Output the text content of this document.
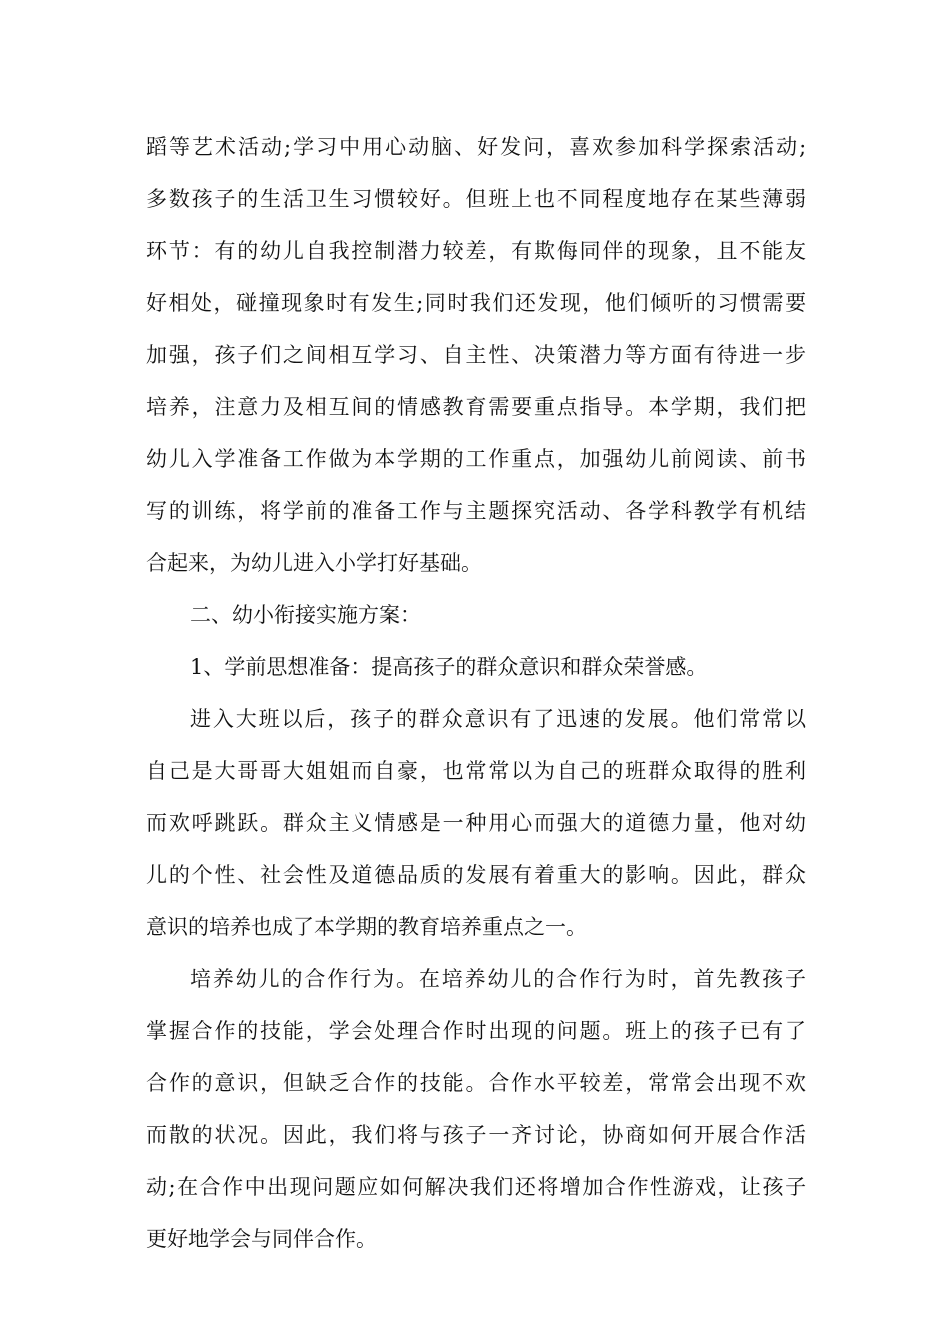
蹈等艺术活动;学习中用心动脑、好发问，喜欢参加科学探索活动;
多数孩子的生活卫生习惯较好。但班上也不同程度地存在某些薄弱
环节：有的幼儿自我控制潜力较差，有欺侮同伴的现象，且不能友
好相处，碰撞现象时有发生;同时我们还发现，他们倾听的习惯需要
加强，孩子们之间相互学习、自主性、决策潜力等方面有待进一步
培养，注意力及相互间的情感教育需要重点指导。本学期，我们把
幼儿入学准备工作做为本学期的工作重点，加强幼儿前阅读、前书
写的训练，将学前的准备工作与主题探究活动、各学科教学有机结
合起来，为幼儿进入小学打好基础。
二、幼小衔接实施方案：
1、学前思想准备：提高孩子的群众意识和群众荣誉感。
进入大班以后，孩子的群众意识有了迅速的发展。他们常常以
自己是大哥哥大姐姐而自豪，也常常以为自己的班群众取得的胜利
而欢呼跳跃。群众主义情感是一种用心而强大的道德力量，他对幼
儿的个性、社会性及道德品质的发展有着重大的影响。因此，群众
意识的培养也成了本学期的教育培养重点之一。
培养幼儿的合作行为。在培养幼儿的合作行为时，首先教孩子
掌握合作的技能，学会处理合作时出现的问题。班上的孩子已有了
合作的意识，但缺乏合作的技能。合作水平较差，常常会出现不欢
而散的状况。因此，我们将与孩子一齐讨论，协商如何开展合作活
动;在合作中出现问题应如何解决我们还将增加合作性游戏，让孩子
更好地学会与同伴合作。
